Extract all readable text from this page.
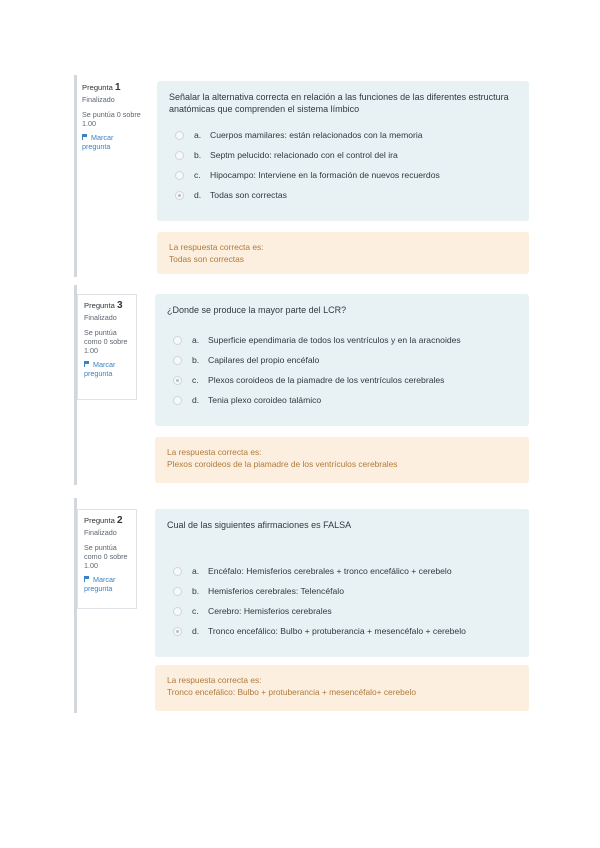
Pregunta 1
Finalizado
Se puntúa 0 sobre 1.00
Marcar pregunta
Señalar la alternativa correcta en relación a las funciones de las diferentes estructura anatómicas que comprenden el sistema límbico
a.	Cuerpos mamilares: están relacionados con la memoria
b.	Septm pelucido: relacionado con el control del ira
c.	Hipocampo: Interviene en la formación de nuevos recuerdos
d.	Todas son correctas
La respuesta correcta es:
Todas son correctas
Pregunta 3
Finalizado
Se puntúa como 0 sobre 1.00
Marcar pregunta
¿Donde se produce la mayor parte del LCR?
a.	Superficie ependimaria de todos los ventrículos y en la aracnoides
b.	Capilares del propio encéfalo
c.	Plexos coroideos de la piamadre de los ventrículos cerebrales
d.	Tenia plexo coroideo talámico
La respuesta correcta es:
Plexos coroideos de la piamadre de los ventrículos cerebrales
Pregunta 2
Finalizado
Se puntúa como 0 sobre 1.00
Marcar pregunta
Cual de las siguientes afirmaciones es FALSA
a.	Encéfalo: Hemisferios cerebrales + tronco encefálico + cerebelo
b.	Hemisferios cerebrales: Telencéfalo
c.	Cerebro: Hemisferios cerebrales
d.	Tronco encefálico: Bulbo + protuberancia + mesencéfalo + cerebelo
La respuesta correcta es:
Tronco encefálico: Bulbo + protuberancia + mesencéfalo+ cerebelo
